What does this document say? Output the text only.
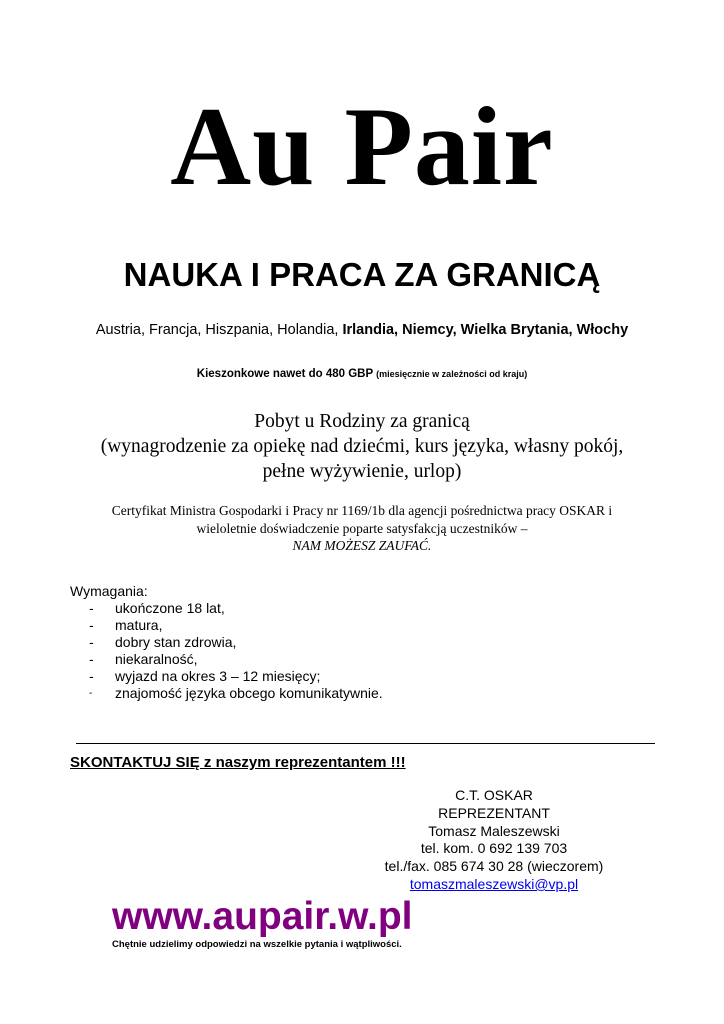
Au Pair
NAUKA I PRACA ZA GRANICĄ
Austria, Francja, Hiszpania, Holandia, Irlandia, Niemcy, Wielka Brytania, Włochy
Kieszonkowe nawet do 480 GBP (miesięcznie w zależności od kraju)
Pobyt u Rodziny za granicą
(wynagrodzenie za opiekę nad dziećmi, kurs języka, własny pokój,
pełne wyżywienie, urlop)
Certyfikat Ministra Gospodarki i Pracy nr 1169/1b dla agencji pośrednictwa pracy OSKAR i
wieloletnie doświadczenie poparte satysfakcją uczestników –
NAM MOŻESZ ZAUFAĆ.
Wymagania:
- ukończone 18 lat,
- matura,
- dobry stan zdrowia,
- niekaralność,
- wyjazd na okres 3 – 12 miesięcy;
- znajomość języka obcego komunikatywnie.
SKONTAKTUJ SIĘ z naszym reprezentantem !!!
C.T. OSKAR
REPREZENTANT
Tomasz Maleszewski
tel. kom. 0 692 139 703
tel./fax. 085 674 30 28 (wieczorem)
tomaszmaleszewski@vp.pl
www.aupair.w.pl
Chętnie udzielimy odpowiedzi na wszelkie pytania i wątpliwości.
